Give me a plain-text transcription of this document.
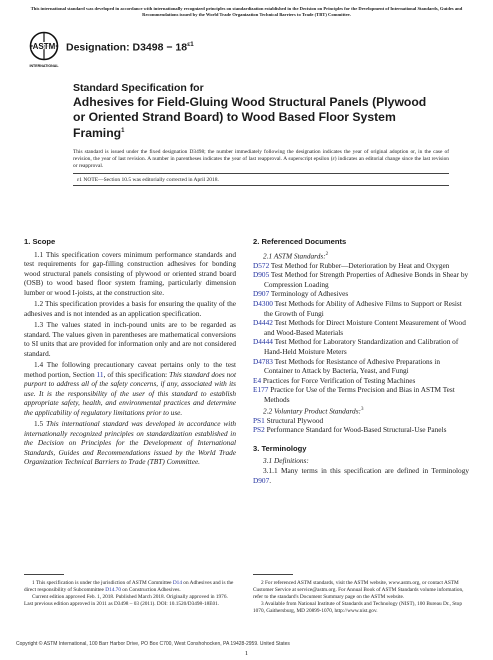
This international standard was developed in accordance with internationally recognized principles on standardization established in the Decision on Principles for the Development of International Standards, Guides and Recommendations issued by the World Trade Organization Technical Barriers to Trade (TBT) Committee.
ASTM
INTERNATIONAL
Designation: $D3498 - 18^{\varepsilon 1}$
Standard Specification for
Adhesives for Field-Gluing Wood Structural Panels (Plywood or Oriented Strand Board) to Wood Based Floor System Framing$^1$
This standard is issued under the fixed designation D3498; the number immediately following the designation indicates the year of original adoption or, in the case of revision, the year of last revision. A number in parentheses indicates the year of last reapproval. A superscript epsilon (ε) indicates an editorial change since the last revision or reapproval.
ε1 NOTE—Section 10.5 was editorially corrected in April 2018.
1. Scope
1.1 This specification covers minimum performance standards and test requirements for gap-filling construction adhesives for bonding wood structural panels consisting of plywood or oriented strand board (OSB) to wood based floor system framing, particularly dimension lumber or wood I-joists, at the construction site.
1.2 This specification provides a basis for ensuring the quality of the adhesives and is not intended as an application specification.
1.3 The values stated in inch-pound units are to be regarded as standard. The values given in parentheses are mathematical conversions to SI units that are provided for information only and are not considered standard.
1.4 The following precautionary caveat pertains only to the test method portion, Section 11, of this specification: This standard does not purport to address all of the safety concerns, if any, associated with its use. It is the responsibility of the user of this standard to establish appropriate safety, health, and environmental practices and determine the applicability of regulatory limitations prior to use.
1.5 This international standard was developed in accordance with internationally recognized principles on standardization established in the Decision on Principles for the Development of International Standards, Guides and Recommendations issued by the World Trade Organization Technical Barriers to Trade (TBT) Committee.
2. Referenced Documents
2.1 ASTM Standards:$^2$
D572 Test Method for Rubber—Deterioration by Heat and Oxygen
D905 Test Method for Strength Properties of Adhesive Bonds in Shear by Compression Loading
D907 Terminology of Adhesives
D4300 Test Methods for Ability of Adhesive Films to Support or Resist the Growth of Fungi
D4442 Test Methods for Direct Moisture Content Measurement of Wood and Wood-Based Materials
D4444 Test Method for Laboratory Standardization and Calibration of Hand-Held Moisture Meters
D4783 Test Methods for Resistance of Adhesive Preparations in Container to Attack by Bacteria, Yeast, and Fungi
E4 Practices for Force Verification of Testing Machines
E177 Practice for Use of the Terms Precision and Bias in ASTM Test Methods
2.2 Voluntary Product Standards:$^3$
PS1 Structural Plywood
PS2 Performance Standard for Wood-Based Structural-Use Panels
3. Terminology
3.1 Definitions:
3.1.1 Many terms in this specification are defined in Terminology D907.
1 This specification is under the jurisdiction of ASTM Committee D14 on Adhesives and is the direct responsibility of Subcommittee D14.70 on Construction Adhesives.
Current edition approved Feb. 1, 2018. Published March 2018. Originally approved in 1976. Last previous edition approved in 2011 as D3498 – 03 (2011). DOI: 10.1520/D3498-18E01.
2 For referenced ASTM standards, visit the ASTM website, www.astm.org, or contact ASTM Customer Service at service@astm.org. For Annual Book of ASTM Standards volume information, refer to the standard's Document Summary page on the ASTM website.
3 Available from National Institute of Standards and Technology (NIST), 100 Bureau Dr., Stop 1070, Gaithersburg, MD 20899-1070, http://www.nist.gov.
Copyright © ASTM International, 100 Barr Harbor Drive, PO Box C700, West Conshohocken, PA 19428-2959. United States
1
